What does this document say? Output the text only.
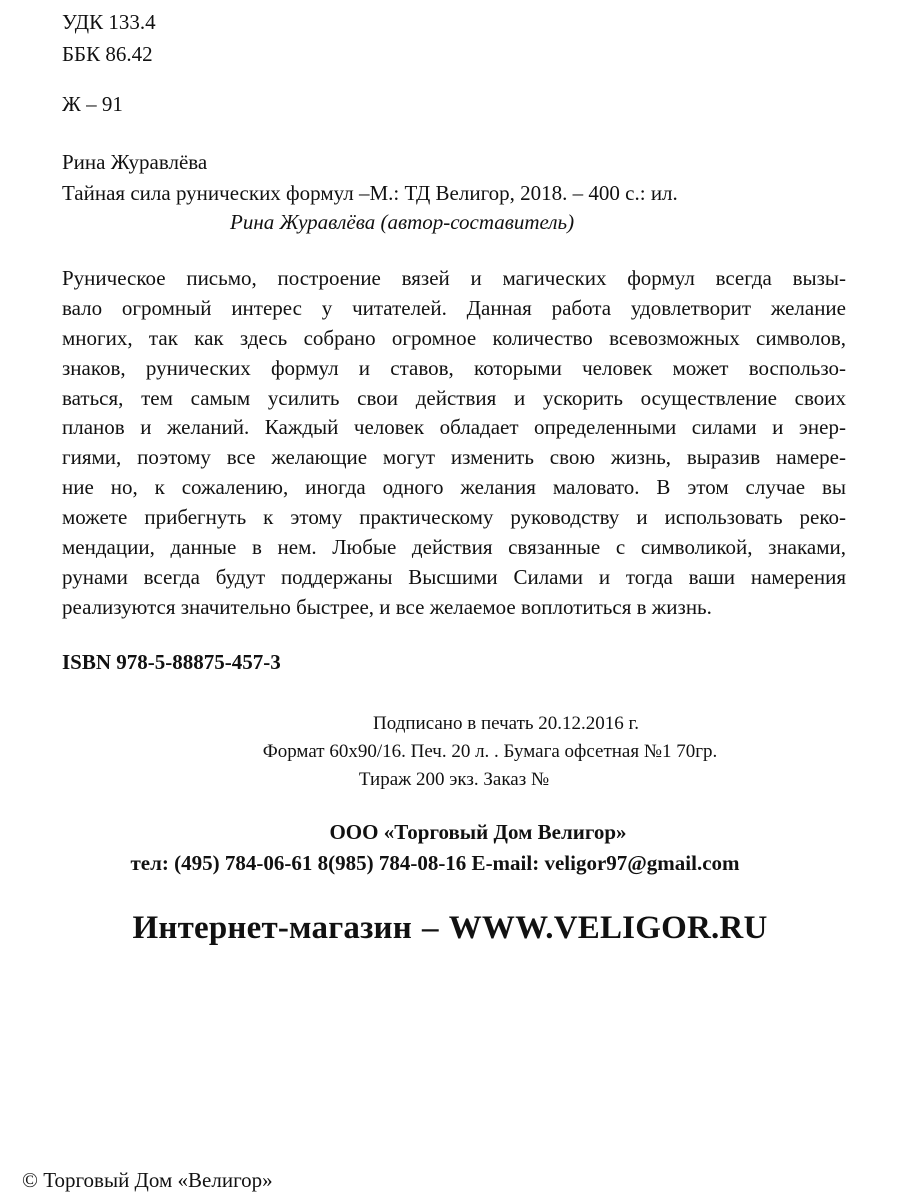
УДК 133.4
ББК 86.42
Ж – 91
Рина Журавлёва
Тайная сила рунических формул –М.: ТД Велигор, 2018. – 400 с.: ил.
Рина Журавлёва (автор-составитель)
Руническое письмо, построение вязей и магических формул всегда вызы-
вало огромный интерес у читателей. Данная работа удовлетворит желание
многих, так как здесь собрано огромное количество всевозможных символов,
знаков, рунических формул и ставов, которыми человек может воспользо-
ваться, тем самым усилить свои действия и ускорить осуществление своих
планов и желаний. Каждый человек обладает определенными силами и энер-
гиями, поэтому все желающие могут изменить свою жизнь, выразив намере-
ние но, к сожалению, иногда одного желания маловато. В этом случае вы
можете прибегнуть к этому практическому руководству и использовать реко-
мендации, данные в нем. Любые действия связанные с символикой, знаками,
рунами всегда будут поддержаны Высшими Силами и тогда ваши намерения
реализуются значительно быстрее, и все желаемое воплотиться в жизнь.
ISBN 978-5-88875-457-3
Подписано в печать 20.12.2016 г.
Формат 60х90/16. Печ. 20 л. . Бумага офсетная №1 70гр.
Тираж 200 экз. Заказ №
ООО «Торговый Дом Велигор»
тел: (495) 784-06-61 8(985) 784-08-16 E-mail: veligor97@gmail.com
Интернет-магазин – WWW.VELIGOR.RU
© Торговый Дом «Велигор»
